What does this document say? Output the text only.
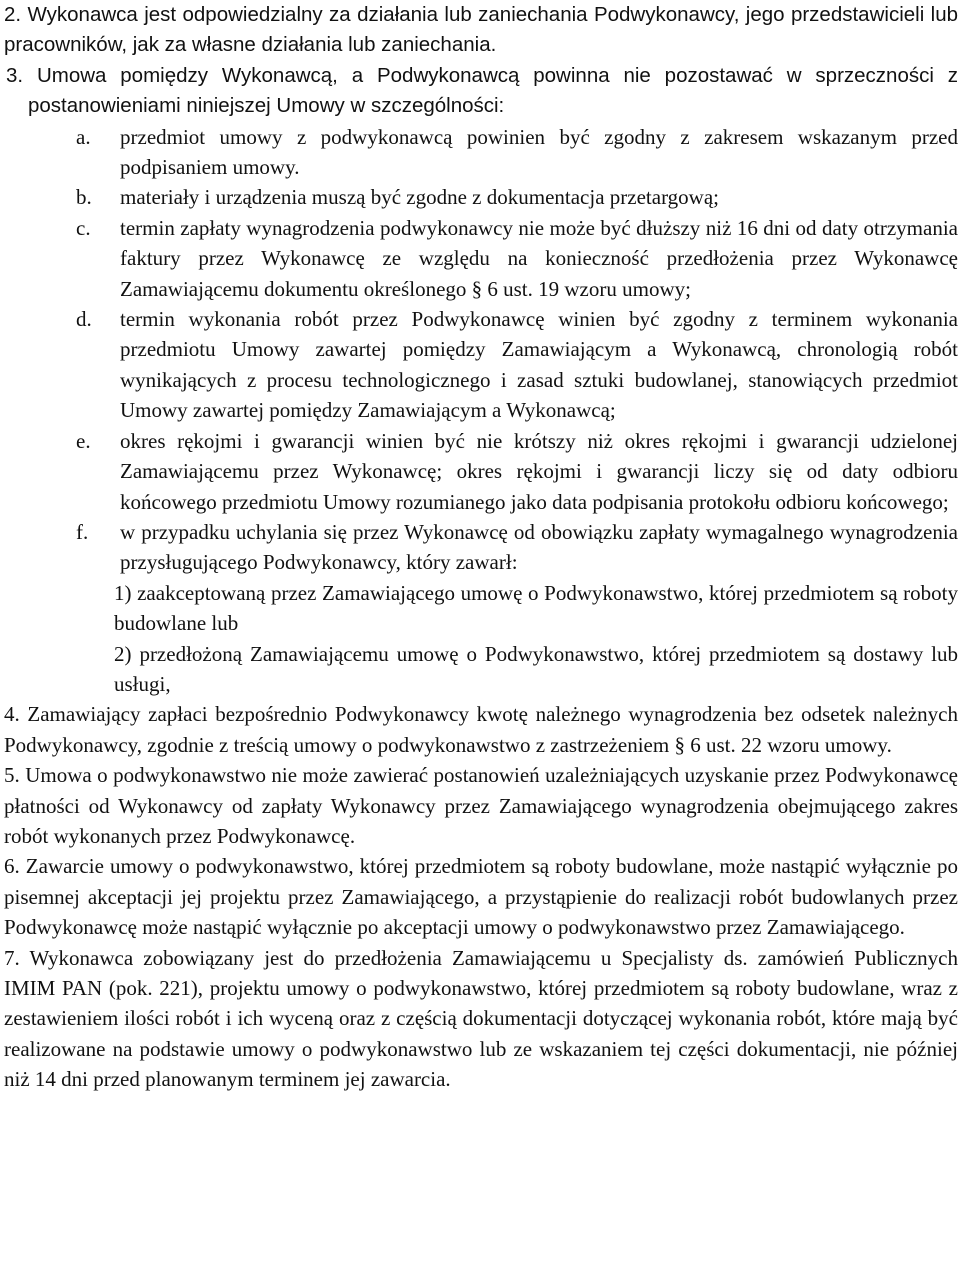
2. Wykonawca jest odpowiedzialny za działania lub zaniechania Podwykonawcy, jego przedstawicieli lub pracowników, jak za własne działania lub zaniechania.

3. Umowa pomiędzy Wykonawcą, a Podwykonawcą powinna nie pozostawać w sprzeczności z postanowieniami niniejszej Umowy w szczególności:

a.	przedmiot umowy z podwykonawcą powinien być zgodny z zakresem wskazanym przed podpisaniem umowy.
b.	materiały i urządzenia muszą być zgodne z dokumentacja przetargową;
c.	termin zapłaty wynagrodzenia podwykonawcy nie może być dłuższy niż 16 dni od daty otrzymania faktury przez Wykonawcę ze względu na konieczność przedłożenia przez Wykonawcę Zamawiającemu dokumentu określonego § 6 ust. 19 wzoru umowy;
d.	termin wykonania robót przez Podwykonawcę winien być zgodny z terminem wykonania przedmiotu Umowy zawartej pomiędzy Zamawiającym a Wykonawcą, chronologią robót wynikających z procesu technologicznego i zasad sztuki budowlanej, stanowiących przedmiot Umowy zawartej pomiędzy Zamawiającym a Wykonawcą;
e.	okres rękojmi i gwarancji winien być nie krótszy niż okres rękojmi i gwarancji udzielonej Zamawiającemu przez Wykonawcę; okres rękojmi i gwarancji liczy się od daty odbioru końcowego przedmiotu Umowy rozumianego jako data podpisania protokołu odbioru końcowego;
f.	w przypadku uchylania się przez Wykonawcę od obowiązku zapłaty wymagalnego wynagrodzenia przysługującego Podwykonawcy, który zawarł:

1) zaakceptowaną przez Zamawiającego umowę o Podwykonawstwo, której przedmiotem są roboty budowlane lub

2) przedłożoną Zamawiającemu umowę o Podwykonawstwo, której przedmiotem są dostawy lub usługi,

4. Zamawiający zapłaci bezpośrednio Podwykonawcy kwotę należnego wynagrodzenia bez odsetek należnych Podwykonawcy, zgodnie z treścią umowy o podwykonawstwo z zastrzeżeniem § 6 ust. 22 wzoru umowy.

5. Umowa o podwykonawstwo nie może zawierać postanowień uzależniających uzyskanie przez Podwykonawcę płatności od Wykonawcy od zapłaty Wykonawcy przez Zamawiającego wynagrodzenia obejmującego zakres robót wykonanych przez Podwykonawcę.

6. Zawarcie umowy o podwykonawstwo, której przedmiotem są roboty budowlane, może nastąpić wyłącznie po pisemnej akceptacji jej projektu przez Zamawiającego, a przystąpienie do realizacji robót budowlanych przez Podwykonawcę może nastąpić wyłącznie po akceptacji umowy o podwykonawstwo przez Zamawiającego.

7. Wykonawca zobowiązany jest do przedłożenia Zamawiającemu u Specjalisty ds. zamówień Publicznych IMIM PAN (pok. 221), projektu umowy o podwykonawstwo, której przedmiotem są roboty budowlane, wraz z zestawieniem ilości robót i ich wyceną oraz z częścią dokumentacji dotyczącej wykonania robót, które mają być realizowane na podstawie umowy o podwykonawstwo lub ze wskazaniem tej części dokumentacji, nie później niż 14 dni przed planowanym terminem jej zawarcia.
